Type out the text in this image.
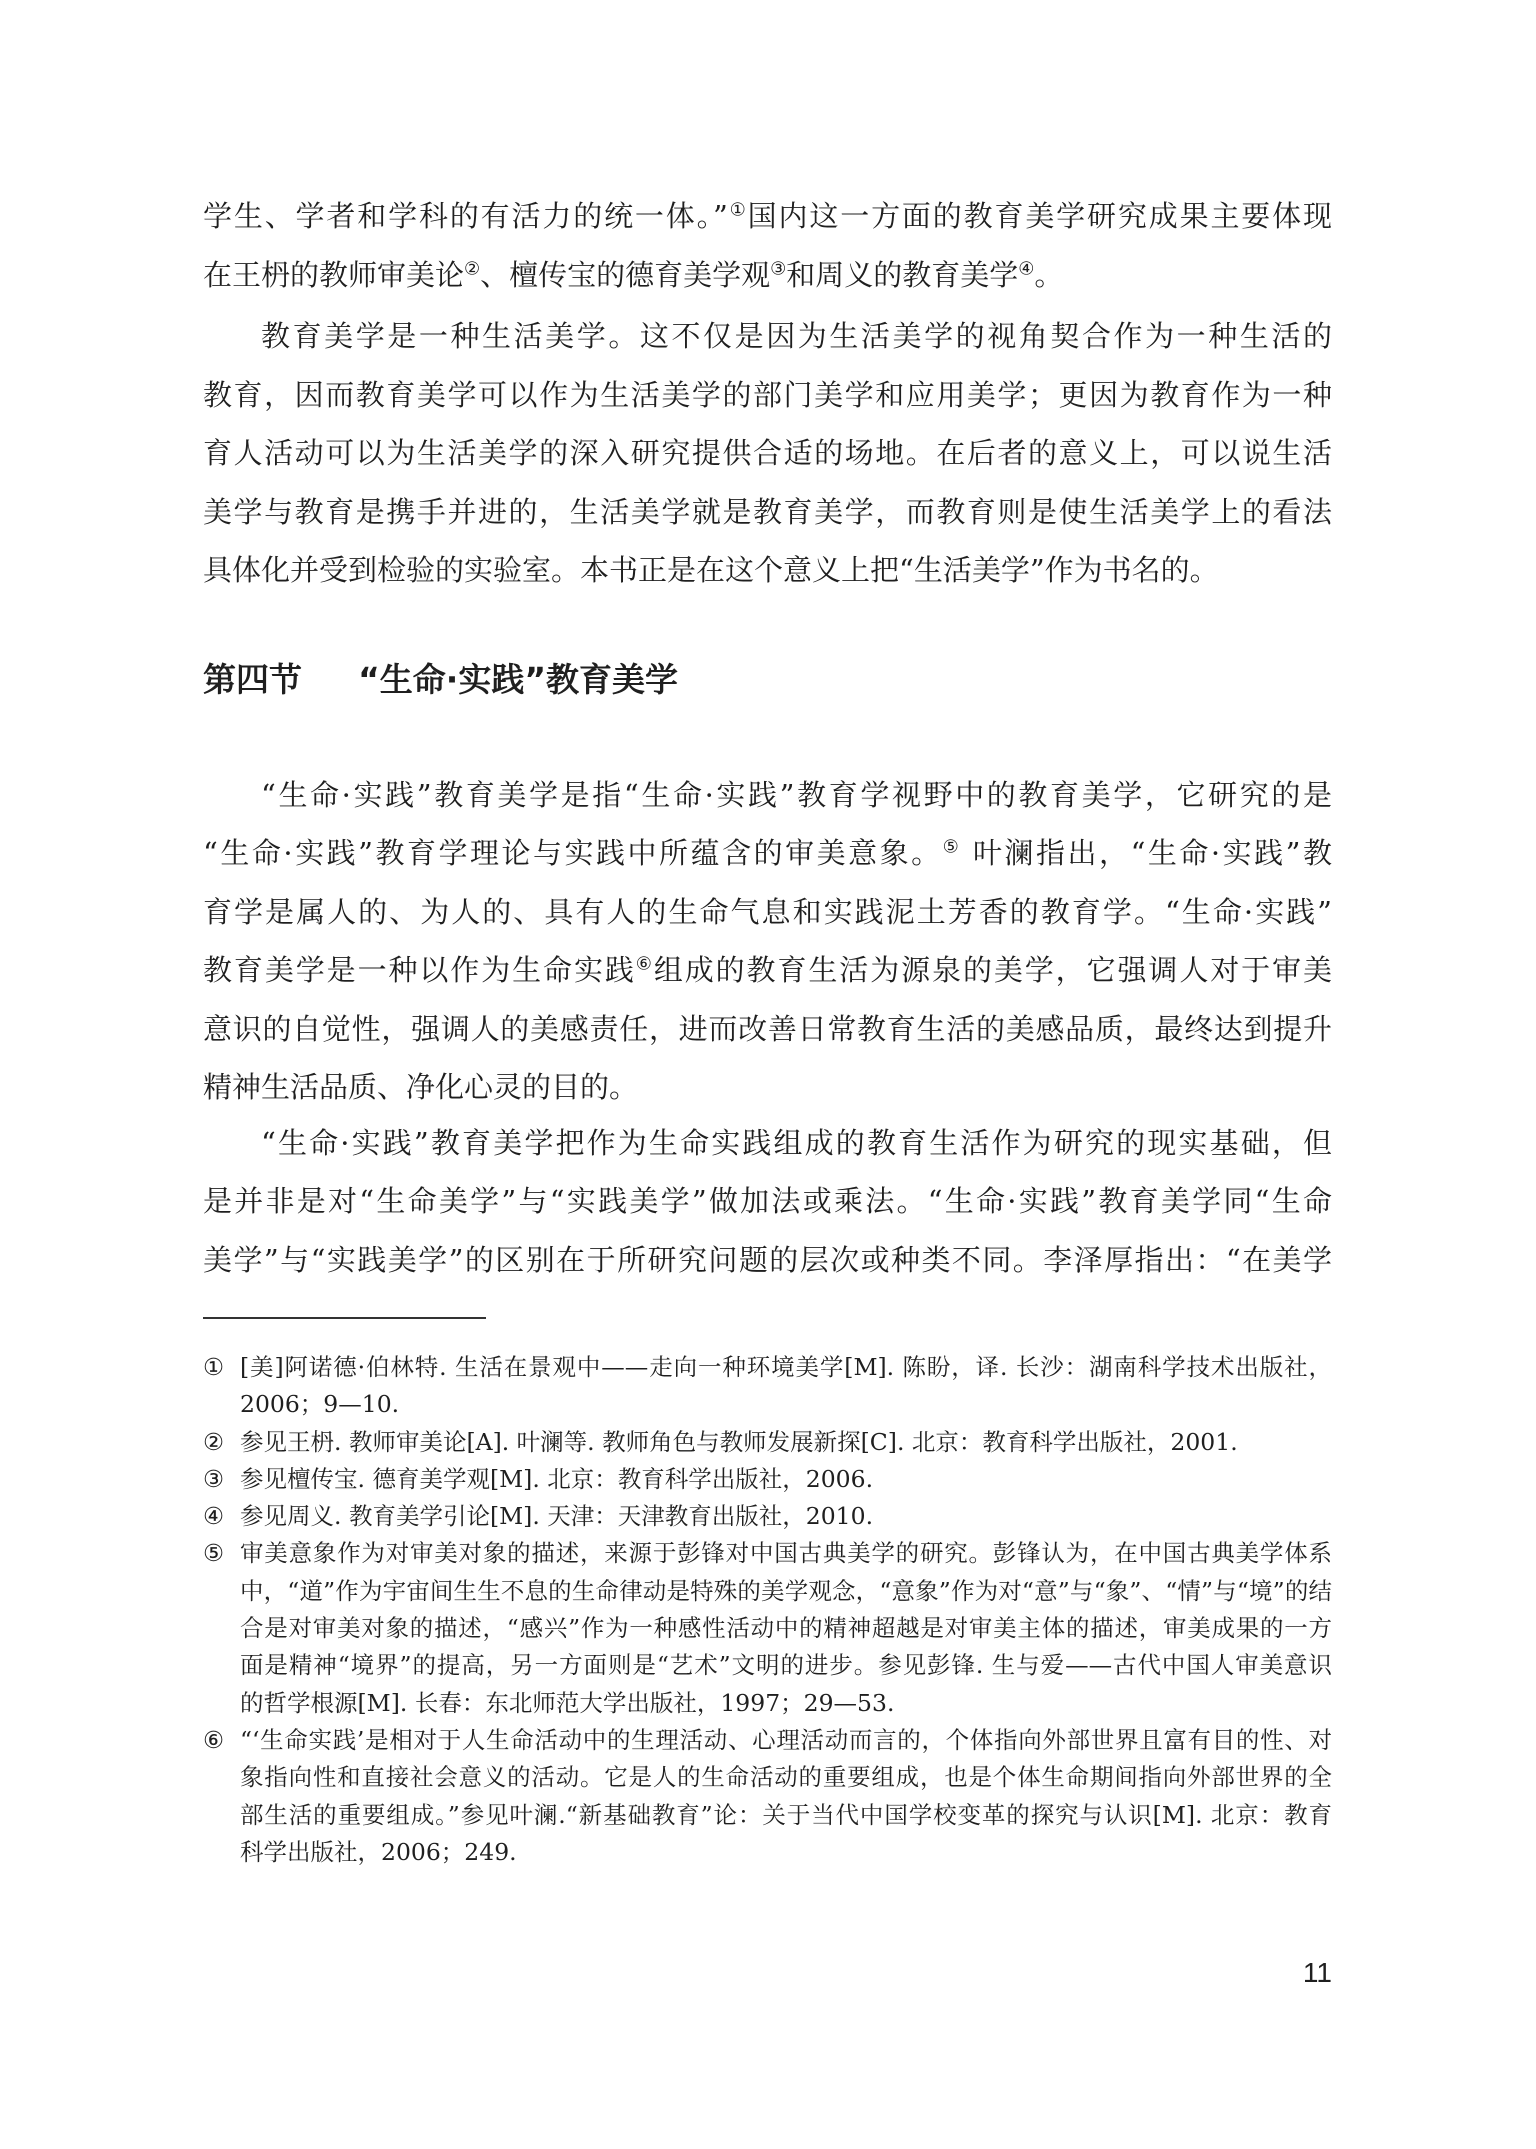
学生、学者和学科的有活力的统一体。”①国内这一方面的教育美学研究成果主要体现
在王枬的教师审美论②、檀传宝的德育美学观③和周义的教育美学④。
教育美学是一种生活美学。这不仅是因为生活美学的视角契合作为一种生活的
教育，因而教育美学可以作为生活美学的部门美学和应用美学；更因为教育作为一种
育人活动可以为生活美学的深入研究提供合适的场地。在后者的意义上，可以说生活
美学与教育是携手并进的，生活美学就是教育美学，而教育则是使生活美学上的看法
具体化并受到检验的实验室。本书正是在这个意义上把“生活美学”作为书名的。
第四节 “生命·实践”教育美学
“生命·实践”教育美学是指“生命·实践”教育学视野中的教育美学，它研究的是
“生命·实践”教育学理论与实践中所蕴含的审美意象。⑤ 叶澜指出，“生命·实践”教
育学是属人的、为人的、具有人的生命气息和实践泥土芳香的教育学。“生命·实践”
教育美学是一种以作为生命实践⑥组成的教育生活为源泉的美学，它强调人对于审美
意识的自觉性，强调人的美感责任，进而改善日常教育生活的美感品质，最终达到提升
精神生活品质、净化心灵的目的。
“生命·实践”教育美学把作为生命实践组成的教育生活作为研究的现实基础，但
是并非是对“生命美学”与“实践美学”做加法或乘法。“生命·实践”教育美学同“生命
美学”与“实践美学”的区别在于所研究问题的层次或种类不同。李泽厚指出：“在美学
① [美]阿诺德·伯林特. 生活在景观中——走向一种环境美学[M]. 陈盼，译. 长沙：湖南科学技术出版社，
2006；9—10.
② 参见王枬. 教师审美论[A]. 叶澜等. 教师角色与教师发展新探[C]. 北京：教育科学出版社，2001.
③ 参见檀传宝. 德育美学观[M]. 北京：教育科学出版社，2006.
④ 参见周义. 教育美学引论[M]. 天津：天津教育出版社，2010.
⑤ 审美意象作为对审美对象的描述，来源于彭锋对中国古典美学的研究。彭锋认为，在中国古典美学体系
中，“道”作为宇宙间生生不息的生命律动是特殊的美学观念，“意象”作为对“意”与“象”、“情”与“境”的结
合是对审美对象的描述，“感兴”作为一种感性活动中的精神超越是对审美主体的描述，审美成果的一方
面是精神“境界”的提高，另一方面则是“艺术”文明的进步。参见彭锋. 生与爱——古代中国人审美意识
的哲学根源[M]. 长春：东北师范大学出版社，1997；29—53.
⑥ “‘生命实践’是相对于人生命活动中的生理活动、心理活动而言的，个体指向外部世界且富有目的性、对
象指向性和直接社会意义的活动。它是人的生命活动的重要组成，也是个体生命期间指向外部世界的全
部生活的重要组成。”参见叶澜.“新基础教育”论：关于当代中国学校变革的探究与认识[M]. 北京：教育
科学出版社，2006；249.
11
